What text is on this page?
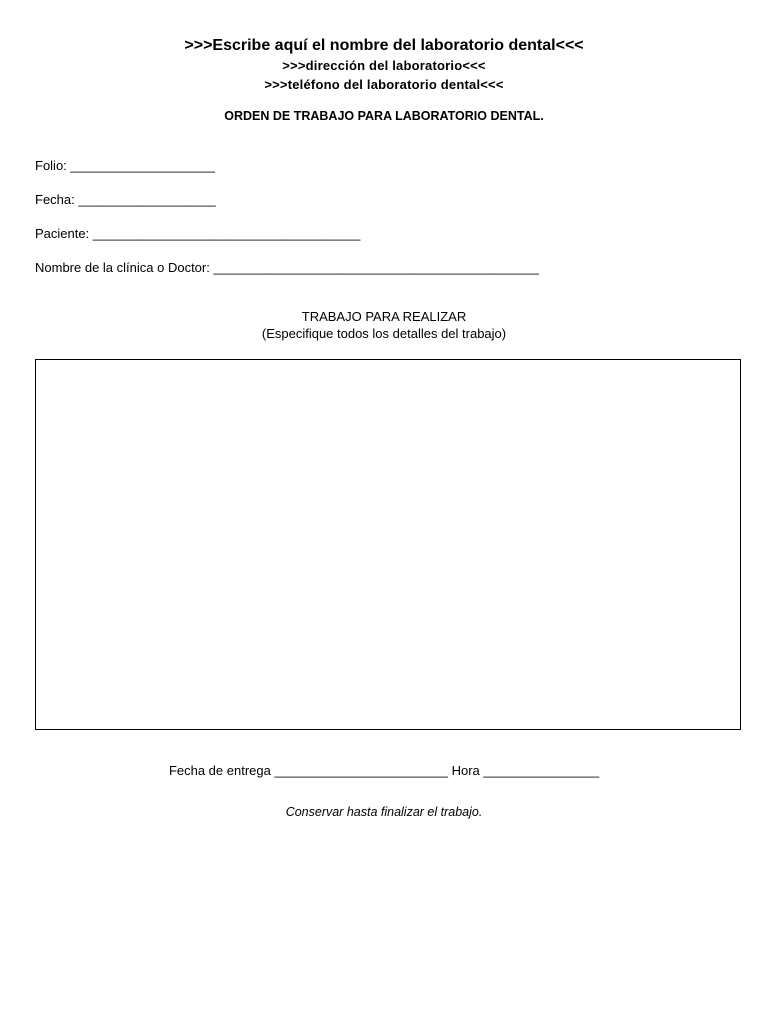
>>>Escribe aquí el nombre del laboratorio dental<<<
>>>dirección del laboratorio<<<
>>>teléfono del laboratorio dental<<<
ORDEN DE TRABAJO PARA LABORATORIO DENTAL.
Folio: ____________________
Fecha: ___________________
Paciente: _____________________________________
Nombre de la clínica o Doctor: _____________________________________________
TRABAJO PARA REALIZAR
(Especifique todos los detalles del trabajo)
Fecha de entrega ________________________ Hora ________________
Conservar hasta finalizar el trabajo.
